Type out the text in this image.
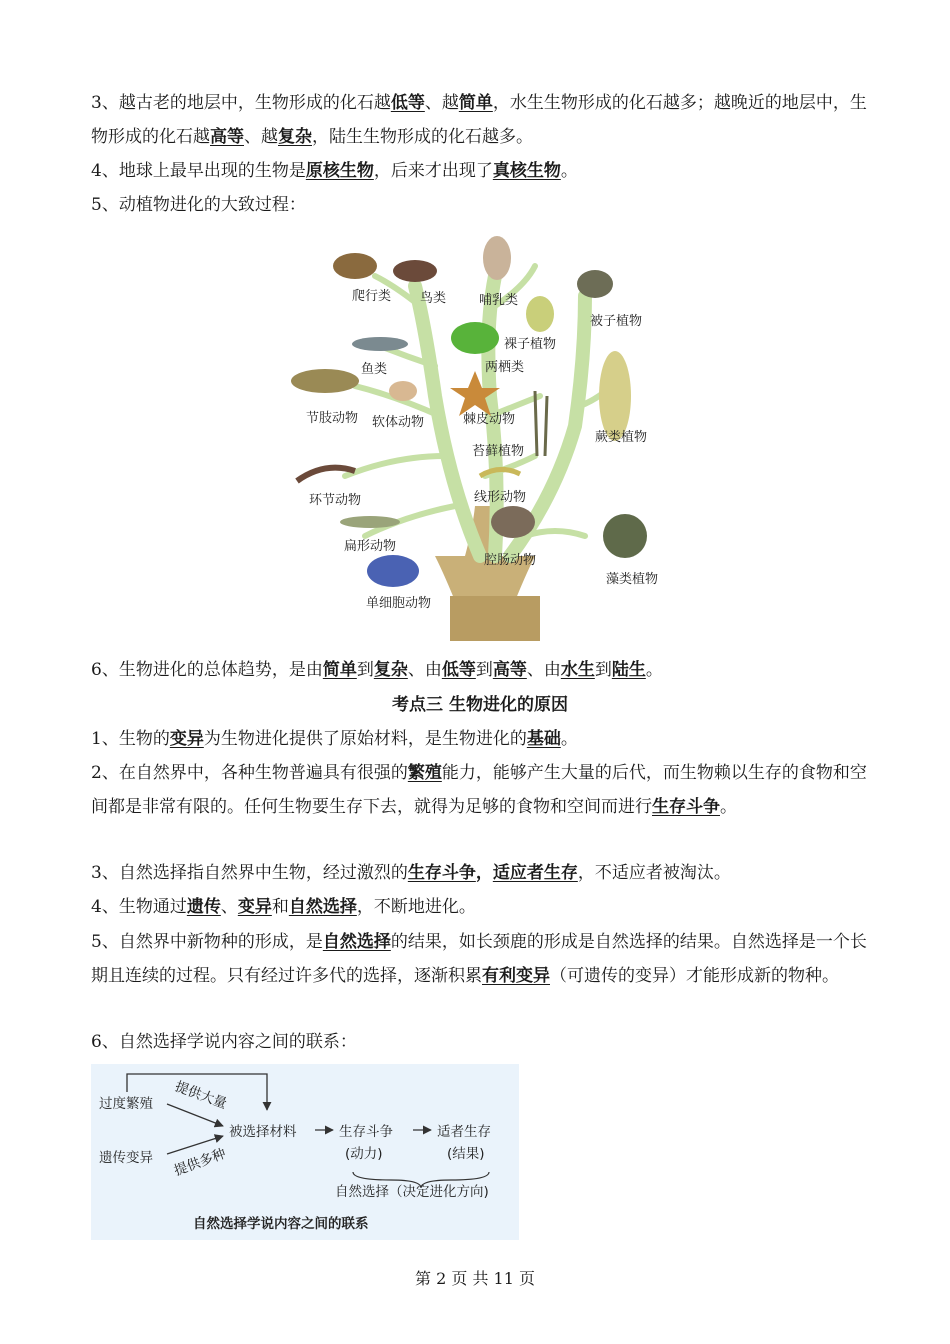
3、越古老的地层中，生物形成的化石越低等、越简单，水生生物形成的化石越多；越晚近的地层中，生物形成的化石越高等、越复杂，陆生生物形成的化石越多。

4、地球上最早出现的生物是原核生物，后来才出现了真核生物。

5、动植物进化的大致过程：

爬行类 鸟类	哺乳类
被子植物
裸子植物
鱼类	两栖类
节肢动物 软体动物	棘皮动物
苔藓植物
蕨类植物
环节动物	线形动物
扁形动物
腔肠动物
单细胞动物
藻类植物

6、生物进化的总体趋势，是由简单到复杂、由低等到高等、由水生到陆生。

考点三 生物进化的原因

1、生物的变异为生物进化提供了原始材料，是生物进化的基础。

2、在自然界中，各种生物普遍具有很强的繁殖能力，能够产生大量的后代，而生物赖以生存的食物和空间都是非常有限的。任何生物要生存下去，就得为足够的食物和空间而进行生存斗争。

3、自然选择指自然界中生物，经过激烈的生存斗争，适应者生存，不适应者被淘汰。

4、生物通过遗传、变异和自然选择，不断地进化。

5、自然界中新物种的形成，是自然选择的结果，如长颈鹿的形成是自然选择的结果。自然选择是一个长期且连续的过程。只有经过许多代的选择，逐渐积累有利变异（可遗传的变异）才能形成新的物种。

6、自然选择学说内容之间的联系：

过度繁殖
遗传变异
提供大量
提供多种
被选择材料	生存斗争
(动力)
适者生存
(结果)
自然选择（决定进化方向)
自然选择学说内容之间的联系
第 2 页 共 11 页
